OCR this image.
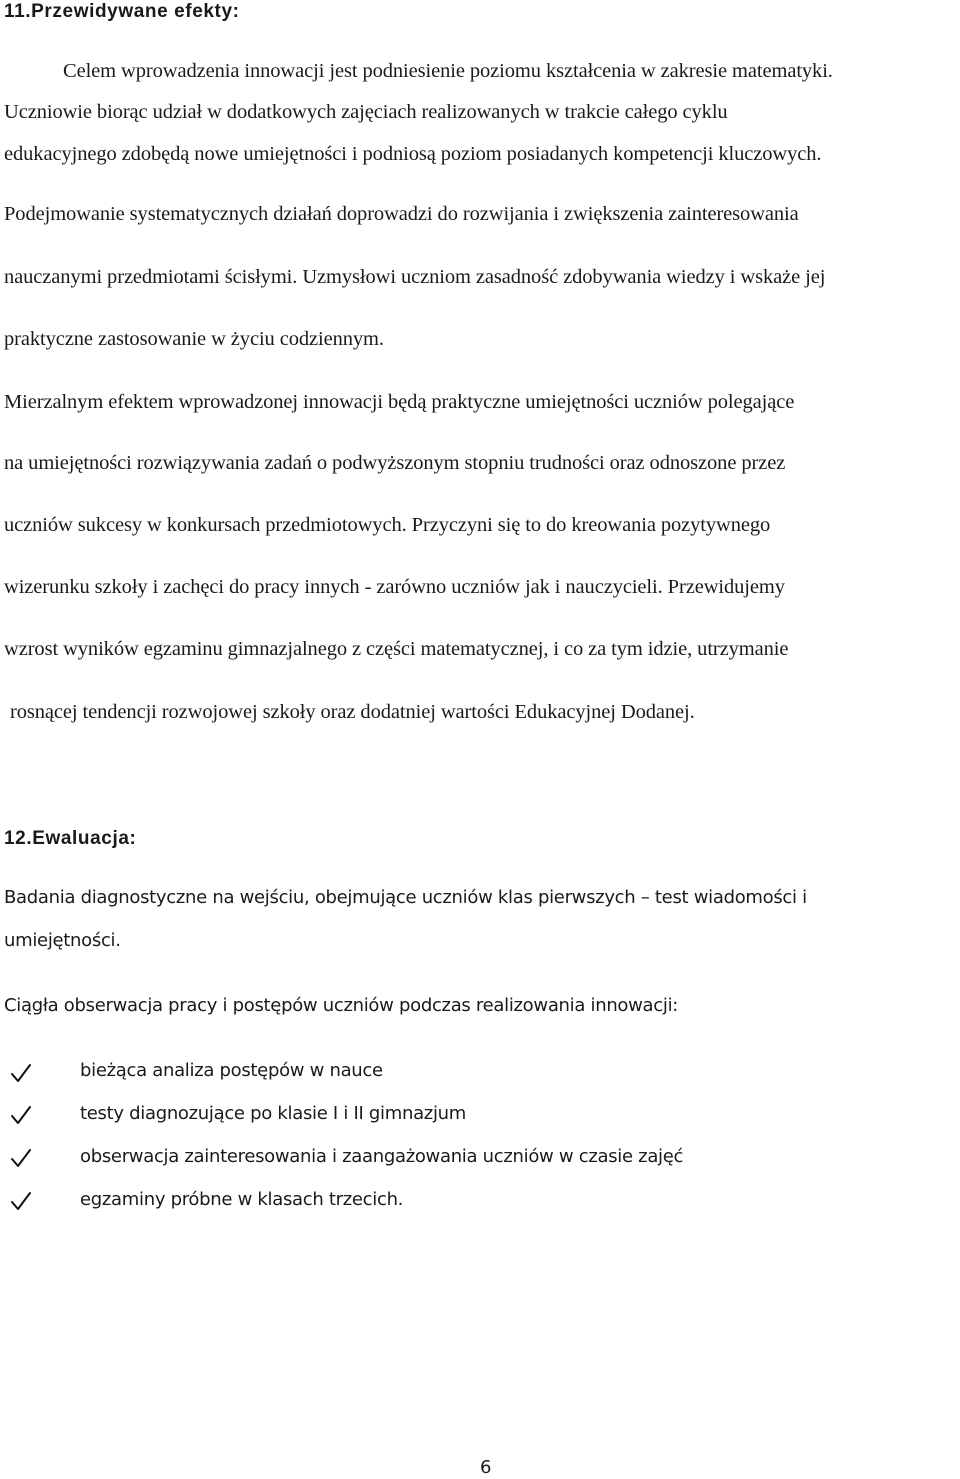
11.Przewidywane efekty:

Celem wprowadzenia innowacji jest podniesienie poziomu kształcenia w zakresie matematyki.

Uczniowie biorąc udział w dodatkowych zajęciach realizowanych w trakcie całego cyklu

edukacyjnego zdobędą nowe umiejętności i podniosą poziom posiadanych kompetencji kluczowych.

Podejmowanie systematycznych działań doprowadzi do rozwijania i zwiększenia zainteresowania

nauczanymi przedmiotami ścisłymi. Uzmysłowi uczniom zasadność zdobywania wiedzy i wskaże jej

praktyczne zastosowanie w życiu codziennym.

Mierzalnym efektem wprowadzonej innowacji będą praktyczne umiejętności uczniów polegające

na umiejętności rozwiązywania zadań o podwyższonym stopniu trudności oraz odnoszone przez

uczniów sukcesy w konkursach przedmiotowych. Przyczyni się to do kreowania pozytywnego

wizerunku szkoły i zachęci do pracy innych - zarówno uczniów jak i nauczycieli. Przewidujemy

wzrost wyników egzaminu gimnazjalnego z części matematycznej, i co za tym idzie, utrzymanie

rosnącej tendencji rozwojowej szkoły oraz dodatniej wartości Edukacyjnej Dodanej.

12.Ewaluacja:

Badania diagnostyczne na wejściu, obejmujące uczniów klas pierwszych – test wiadomości i

umiejętności.

Ciągła obserwacja pracy i postępów uczniów podczas realizowania innowacji:

bieżąca analiza postępów w nauce

testy diagnozujące po klasie I i II gimnazjum

obserwacja zainteresowania i zaangażowania uczniów w czasie zajęć

egzaminy próbne w klasach trzecich.

6
